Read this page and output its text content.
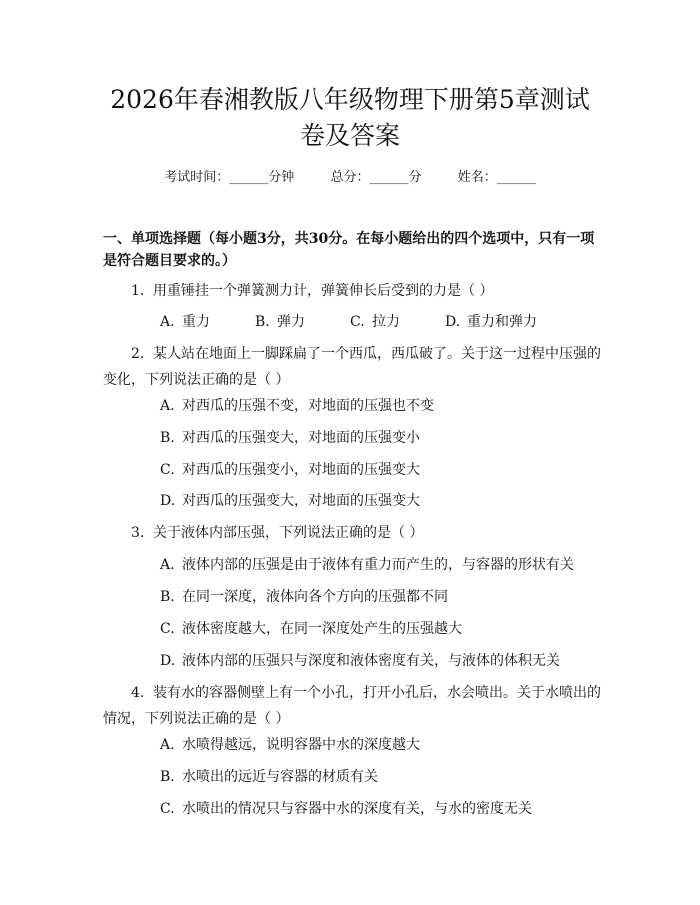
2026年春湘教版八年级物理下册第5章测试卷及答案
考试时间：______分钟	总分：______分	姓名：______
一、单项选择题（每小题3分，共30分。在每小题给出的四个选项中，只有一项是符合题目要求的。）
1. 用重锤挂一个弹簧测力计，弹簧伸长后受到的力是（ ）
A. 重力	B. 弹力	C. 拉力	D. 重力和弹力
2. 某人站在地面上一脚踩扁了一个西瓜，西瓜破了。关于这一过程中压强的变化，下列说法正确的是（ ）
A. 对西瓜的压强不变，对地面的压强也不变
B. 对西瓜的压强变大，对地面的压强变小
C. 对西瓜的压强变小，对地面的压强变大
D. 对西瓜的压强变大，对地面的压强变大
3. 关于液体内部压强，下列说法正确的是（ ）
A. 液体内部的压强是由于液体有重力而产生的，与容器的形状有关
B. 在同一深度，液体向各个方向的压强都不同
C. 液体密度越大，在同一深度处产生的压强越大
D. 液体内部的压强只与深度和液体密度有关，与液体的体积无关
4. 装有水的容器侧壁上有一个小孔，打开小孔后，水会喷出。关于水喷出的情况，下列说法正确的是（ ）
A. 水喷得越远，说明容器中水的深度越大
B. 水喷出的远近与容器的材质有关
C. 水喷出的情况只与容器中水的深度有关，与水的密度无关
